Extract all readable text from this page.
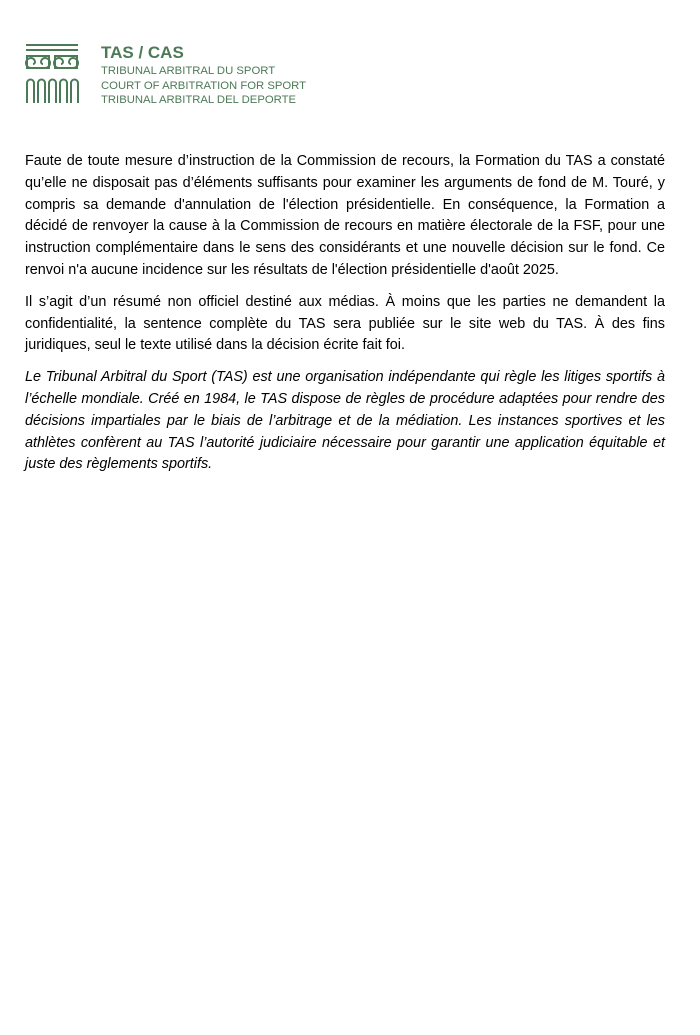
TAS / CAS
TRIBUNAL ARBITRAL DU SPORT
COURT OF ARBITRATION FOR SPORT
TRIBUNAL ARBITRAL DEL DEPORTE

Faute de toute mesure d’instruction de la Commission de recours, la Formation du TAS a constaté qu’elle ne disposait pas d’éléments suffisants pour examiner les arguments de fond de M. Touré, y compris sa demande d'annulation de l'élection présidentielle. En conséquence, la Formation a décidé de renvoyer la cause à la Commission de recours en matière électorale de la FSF, pour une instruction complémentaire dans le sens des considérants et une nouvelle décision sur le fond. Ce renvoi n'a aucune incidence sur les résultats de l'élection présidentielle d'août 2025.

Il s’agit d’un résumé non officiel destiné aux médias. À moins que les parties ne demandent la confidentialité, la sentence complète du TAS sera publiée sur le site web du TAS. À des fins juridiques, seul le texte utilisé dans la décision écrite fait foi.

Le Tribunal Arbitral du Sport (TAS) est une organisation indépendante qui règle les litiges sportifs à l’échelle mondiale. Créé en 1984, le TAS dispose de règles de procédure adaptées pour rendre des décisions impartiales par le biais de l’arbitrage et de la médiation. Les instances sportives et les athlètes confèrent au TAS l’autorité judiciaire nécessaire pour garantir une application équitable et juste des règlements sportifs.
